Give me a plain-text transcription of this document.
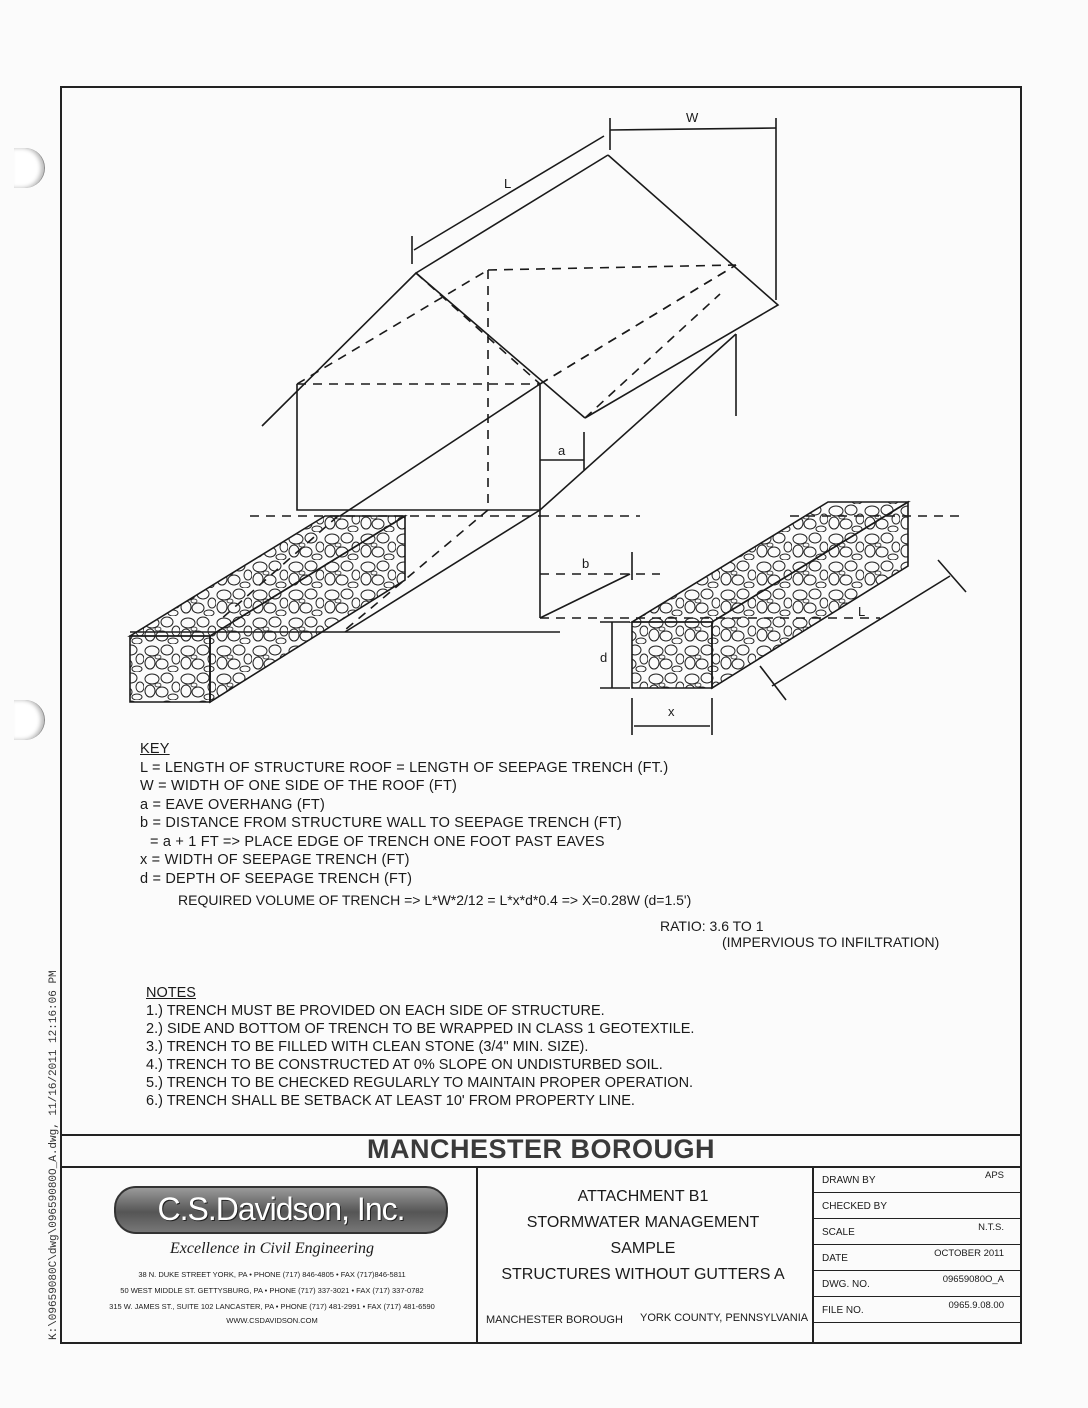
W
L
a
b
d
x
L
KEY
L = LENGTH OF STRUCTURE ROOF = LENGTH OF SEEPAGE TRENCH (FT.)
W = WIDTH OF ONE SIDE OF THE ROOF (FT)
a = EAVE OVERHANG (FT)
b = DISTANCE FROM STRUCTURE WALL TO SEEPAGE TRENCH (FT)
= a + 1 FT => PLACE EDGE OF TRENCH ONE FOOT PAST EAVES
x = WIDTH OF SEEPAGE TRENCH (FT)
d = DEPTH OF SEEPAGE TRENCH (FT)
REQUIRED VOLUME OF TRENCH => L*W*2/12 = L*x*d*0.4 => X=0.28W (d=1.5')
RATIO: 3.6 TO 1
(IMPERVIOUS TO INFILTRATION)
NOTES
1.) TRENCH MUST BE PROVIDED ON EACH SIDE OF STRUCTURE.
2.) SIDE AND BOTTOM OF TRENCH TO BE WRAPPED IN CLASS 1 GEOTEXTILE.
3.) TRENCH TO BE FILLED WITH CLEAN STONE (3/4" MIN. SIZE).
4.) TRENCH TO BE CONSTRUCTED AT 0% SLOPE ON UNDISTURBED SOIL.
5.) TRENCH TO BE CHECKED REGULARLY TO MAINTAIN PROPER OPERATION.
6.) TRENCH SHALL BE SETBACK AT LEAST 10' FROM PROPERTY LINE.
MANCHESTER BOROUGH
C.S.Davidson, Inc.
Excellence in Civil Engineering
38 N. DUKE STREET YORK, PA • PHONE (717) 846-4805 • FAX (717)846-5811
50 WEST MIDDLE ST. GETTYSBURG, PA • PHONE (717) 337-3021 • FAX (717) 337-0782
315 W. JAMES ST., SUITE 102 LANCASTER, PA • PHONE (717) 481-2991 • FAX (717) 481-6590
WWW.CSDAVIDSON.COM
ATTACHMENT B1
STORMWATER MANAGEMENT
SAMPLE
STRUCTURES WITHOUT GUTTERS A
MANCHESTER BOROUGH YORK COUNTY, PENNSYLVANIA
DRAWN BY	APS
CHECKED BY
SCALE	N.T.S.
DATE	OCTOBER 2011
DWG. NO.	09659080O_A
FILE NO.	0965.9.08.00
K:\09659080C\dwg\09659080O_A.dwg, 11/16/2011 12:16:06 PM
